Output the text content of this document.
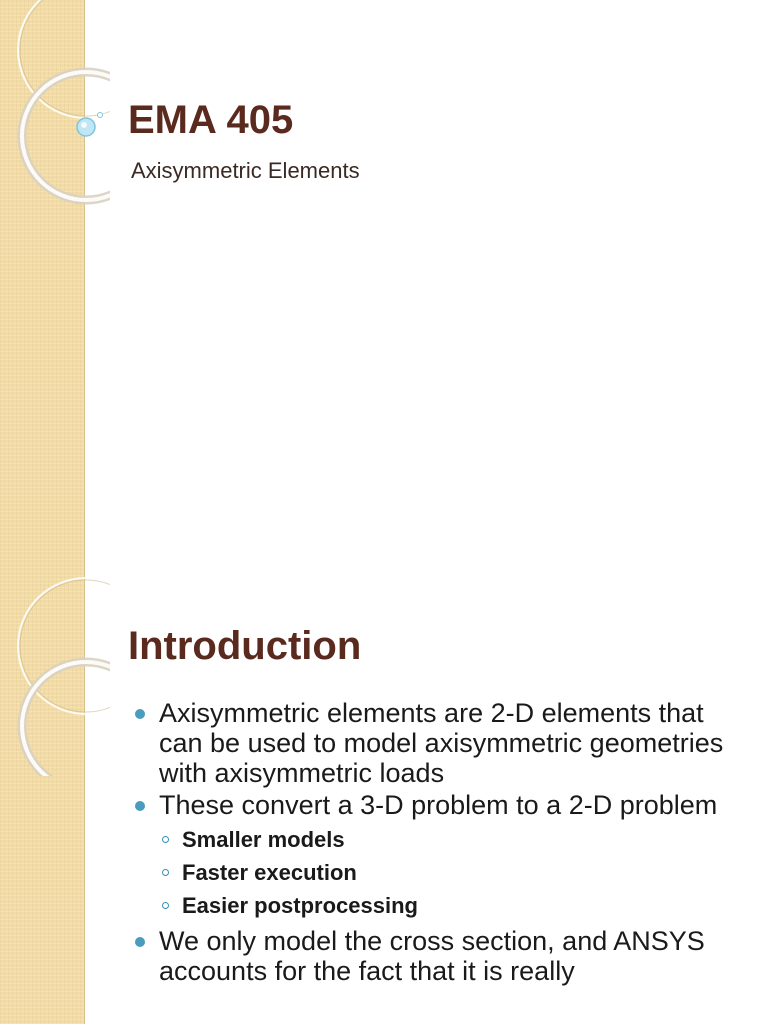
EMA 405
Axisymmetric Elements
Introduction
Axisymmetric elements are 2-D elements that can be used to model axisymmetric geometries with axisymmetric loads
These convert a 3-D problem to a 2-D problem
Smaller models
Faster execution
Easier postprocessing
We only model the cross section, and ANSYS accounts for the fact that it is really
